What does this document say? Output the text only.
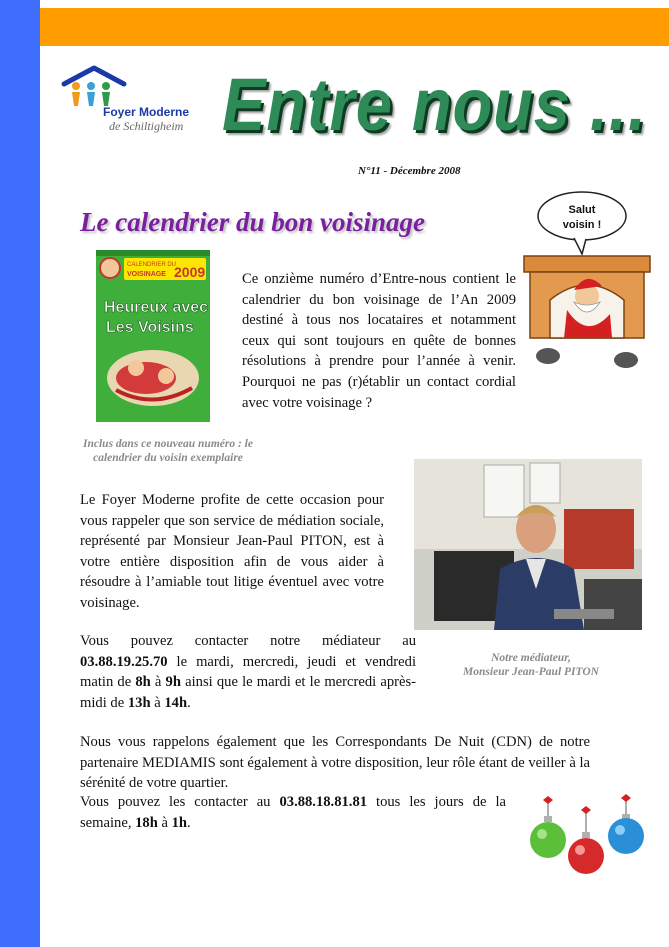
Foyer Moderne
de Schiltigheim Entre nous ...
N°11 - Décembre 2008
Le calendrier du bon voisinage
CALENDRIER DU
VOISINAGE 2009
Heureux avec
Les Voisins
Inclus dans ce nouveau numéro : le calendrier du voisin exemplaire
Ce onzième numéro d’Entre-nous contient le calendrier du bon voisinage de l’An 2009 destiné à tous nos locataires et notamment ceux qui sont toujours en quête de bonnes résolutions à prendre pour l’année à venir. Pourquoi ne pas (r)établir un contact cordial avec votre voisinage ?
Salut
voisin !
Le Foyer Moderne profite de cette occasion pour vous rappeler que son service de médiation sociale, représenté par Monsieur Jean-Paul PITON, est à votre entière disposition afin de vous aider à résoudre à l’amiable tout litige éventuel avec votre voisinage.
Vous pouvez contacter notre médiateur au 03.88.19.25.70 le mardi, mercredi, jeudi et vendredi matin de 8h à 9h ainsi que le mardi et le mercredi après-midi de 13h à 14h.
Notre médiateur,
Monsieur Jean-Paul PITON
Nous vous rappelons également que les Correspondants De Nuit (CDN) de notre partenaire MEDIAMIS sont également à votre disposition, leur rôle étant de veiller à la sérénité de votre quartier.
Vous pouvez les contacter au 03.88.18.81.81 tous les jours de la semaine, 18h à 1h.
